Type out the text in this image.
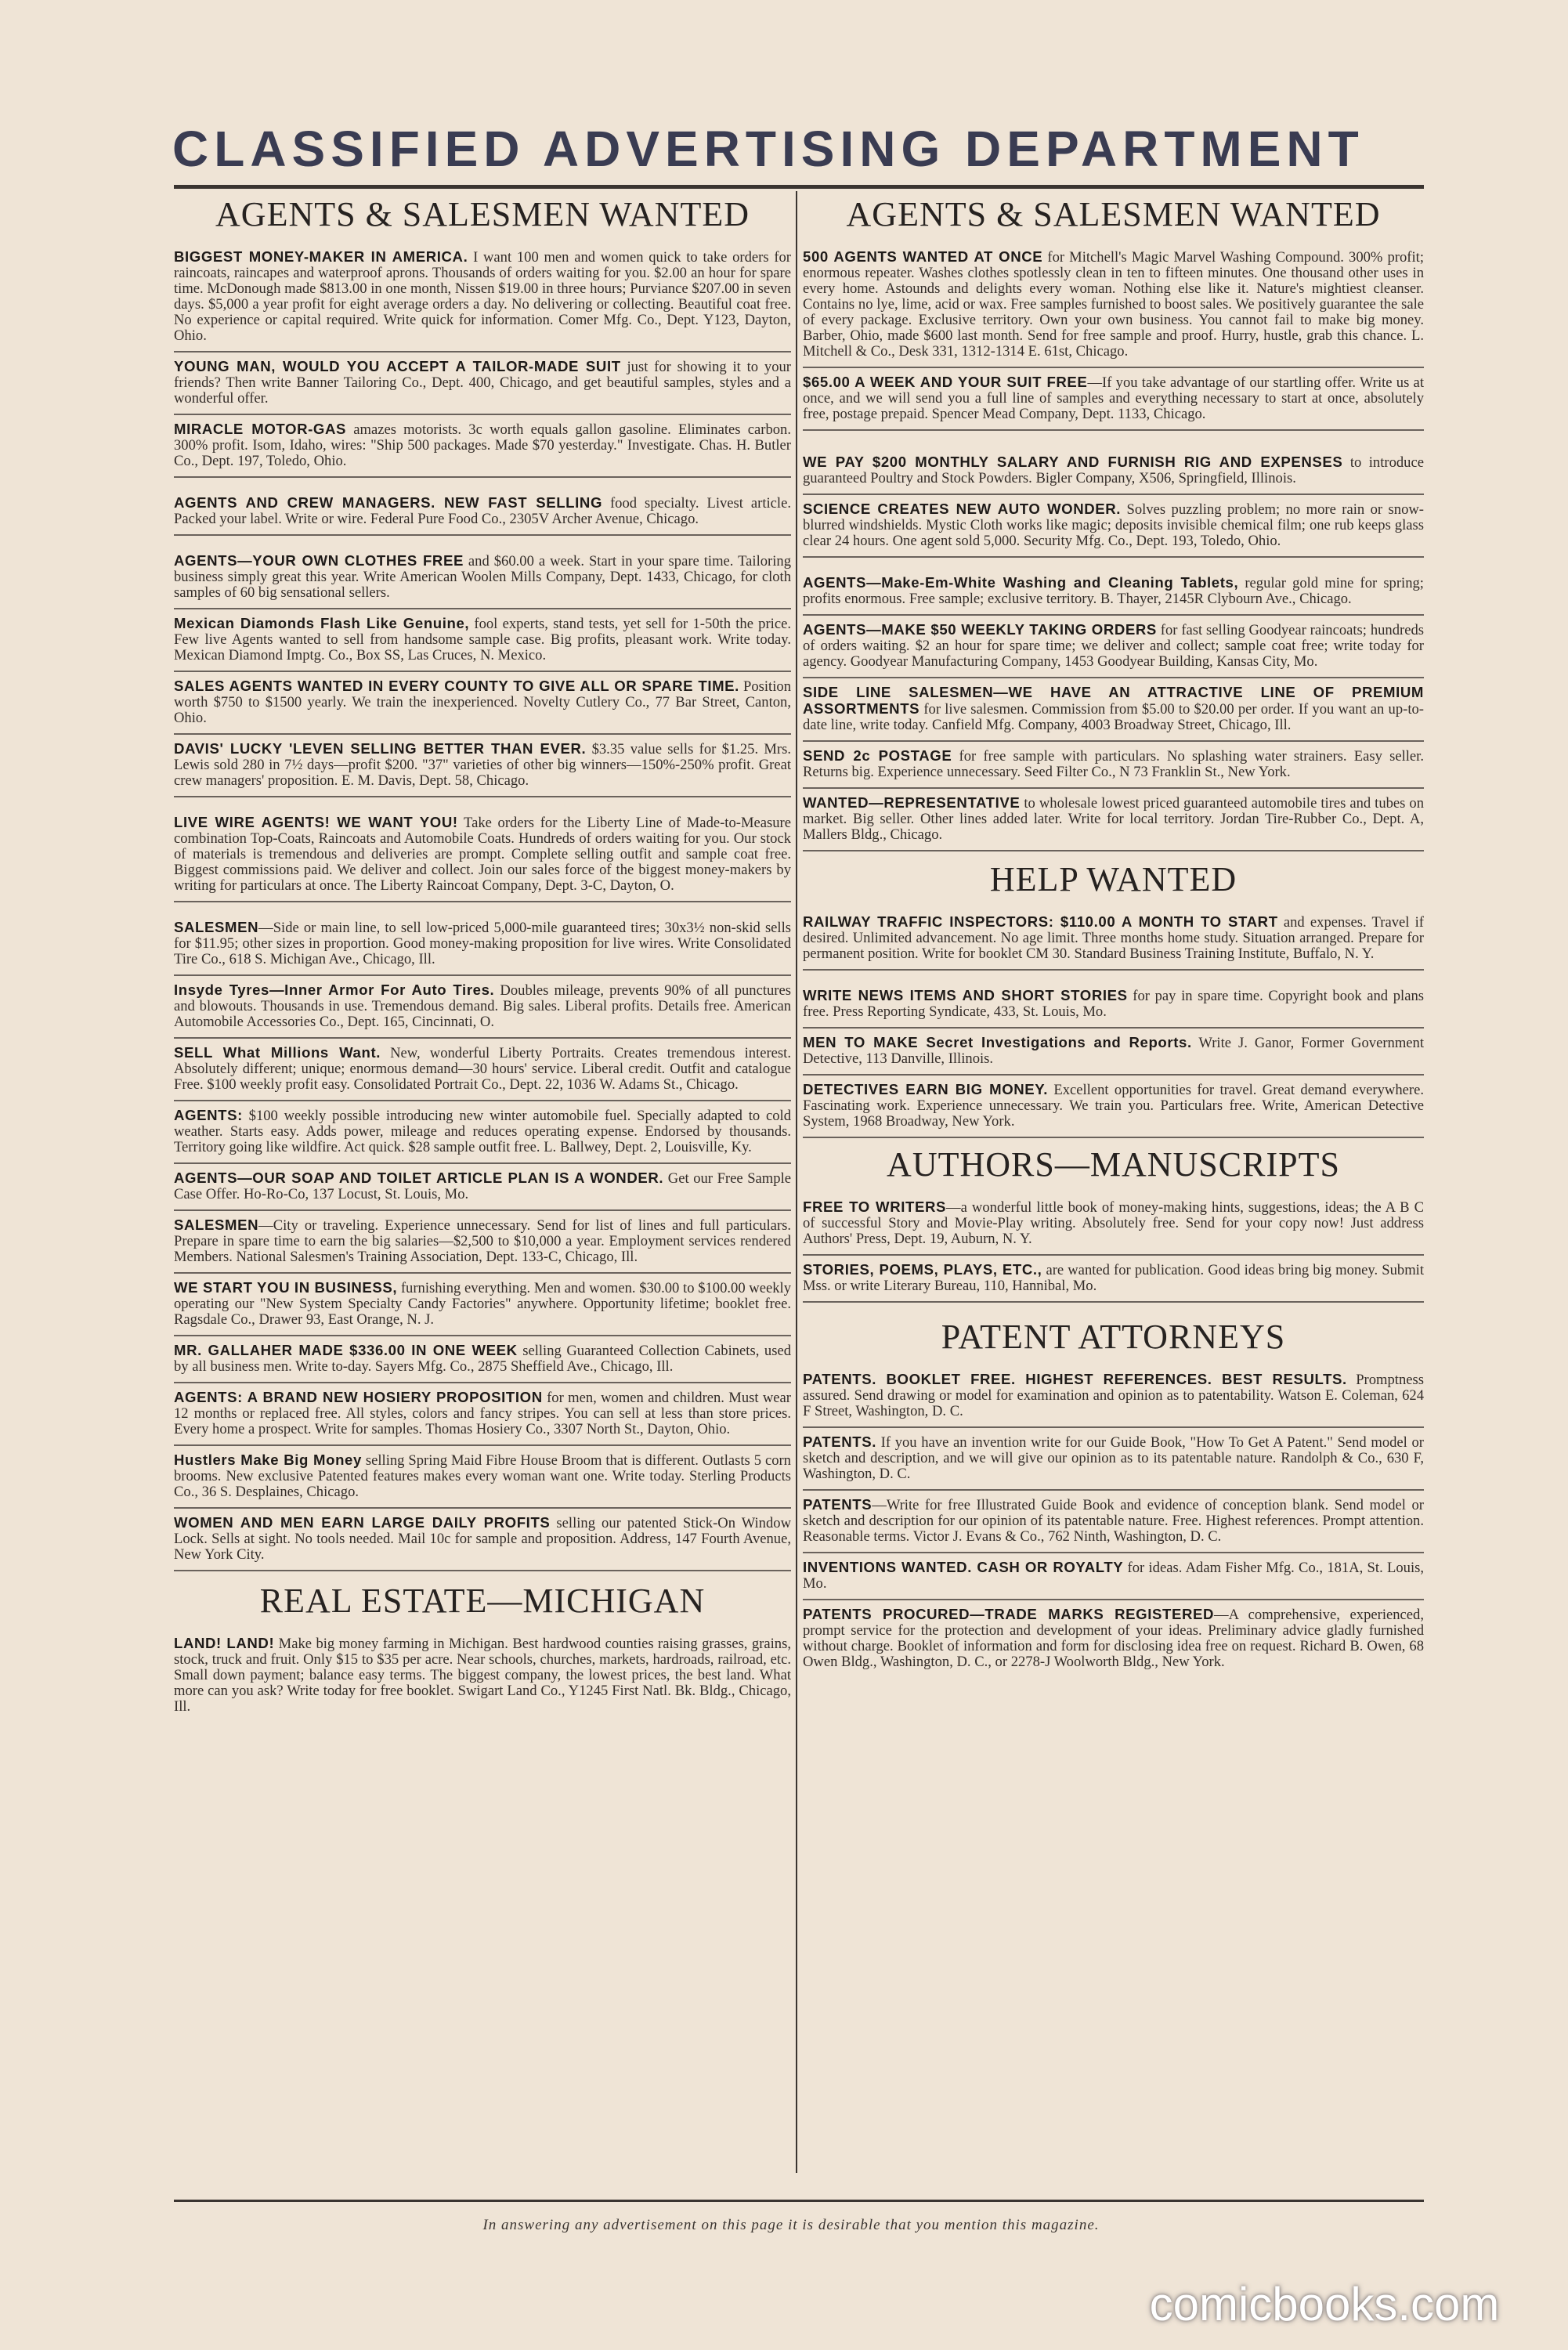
CLASSIFIED ADVERTISING DEPARTMENT
AGENTS & SALESMEN WANTED
BIGGEST MONEY-MAKER IN AMERICA. I want 100 men and women quick to take orders for raincoats, raincapes and waterproof aprons. Thousands of orders waiting for you. $2.00 an hour for spare time. McDonough made $813.00 in one month, Nissen $19.00 in three hours; Purviance $207.00 in seven days. $5,000 a year profit for eight average orders a day. No delivering or collecting. Beautiful coat free. No experience or capital required. Write quick for information. Comer Mfg. Co., Dept. Y123, Dayton, Ohio.
YOUNG MAN, WOULD YOU ACCEPT A TAILOR-MADE SUIT just for showing it to your friends? Then write Banner Tailoring Co., Dept. 400, Chicago, and get beautiful samples, styles and a wonderful offer.
MIRACLE MOTOR-GAS amazes motorists. 3c worth equals gallon gasoline. Eliminates carbon. 300% profit. Isom, Idaho, wires: "Ship 500 packages. Made $70 yesterday." Investigate. Chas. H. Butler Co., Dept. 197, Toledo, Ohio.
AGENTS AND CREW MANAGERS. NEW FAST SELLING food specialty. Livest article. Packed your label. Write or wire. Federal Pure Food Co., 2305V Archer Avenue, Chicago.
AGENTS—YOUR OWN CLOTHES FREE and $60.00 a week. Start in your spare time. Tailoring business simply great this year. Write American Woolen Mills Company, Dept. 1433, Chicago, for cloth samples of 60 big sensational sellers.
Mexican Diamonds Flash Like Genuine, fool experts, stand tests, yet sell for 1-50th the price. Few live Agents wanted to sell from handsome sample case. Big profits, pleasant work. Write today. Mexican Diamond Imptg. Co., Box SS, Las Cruces, N. Mexico.
SALES AGENTS WANTED IN EVERY COUNTY TO GIVE ALL OR SPARE TIME. Position worth $750 to $1500 yearly. We train the inexperienced. Novelty Cutlery Co., 77 Bar Street, Canton, Ohio.
DAVIS' LUCKY 'LEVEN SELLING BETTER THAN EVER. $3.35 value sells for $1.25. Mrs. Lewis sold 280 in 7½ days—profit $200. "37" varieties of other big winners—150%-250% profit. Great crew managers' proposition. E. M. Davis, Dept. 58, Chicago.
LIVE WIRE AGENTS! WE WANT YOU! Take orders for the Liberty Line of Made-to-Measure combination Top-Coats, Raincoats and Automobile Coats. Hundreds of orders waiting for you. Our stock of materials is tremendous and deliveries are prompt. Complete selling outfit and sample coat free. Biggest commissions paid. We deliver and collect. Join our sales force of the biggest money-makers by writing for particulars at once. The Liberty Raincoat Company, Dept. 3-C, Dayton, O.
SALESMEN—Side or main line, to sell low-priced 5,000-mile guaranteed tires; 30x3½ non-skid sells for $11.95; other sizes in proportion. Good money-making proposition for live wires. Write Consolidated Tire Co., 618 S. Michigan Ave., Chicago, Ill.
Insyde Tyres—Inner Armor For Auto Tires. Doubles mileage, prevents 90% of all punctures and blowouts. Thousands in use. Tremendous demand. Big sales. Liberal profits. Details free. American Automobile Accessories Co., Dept. 165, Cincinnati, O.
SELL What Millions Want. New, wonderful Liberty Portraits. Creates tremendous interest. Absolutely different; unique; enormous demand—30 hours' service. Liberal credit. Outfit and catalogue Free. $100 weekly profit easy. Consolidated Portrait Co., Dept. 22, 1036 W. Adams St., Chicago.
AGENTS: $100 weekly possible introducing new winter automobile fuel. Specially adapted to cold weather. Starts easy. Adds power, mileage and reduces operating expense. Endorsed by thousands. Territory going like wildfire. Act quick. $28 sample outfit free. L. Ballwey, Dept. 2, Louisville, Ky.
AGENTS—OUR SOAP AND TOILET ARTICLE PLAN IS A WONDER. Get our Free Sample Case Offer. Ho-Ro-Co, 137 Locust, St. Louis, Mo.
SALESMEN—City or traveling. Experience unnecessary. Send for list of lines and full particulars. Prepare in spare time to earn the big salaries—$2,500 to $10,000 a year. Employment services rendered Members. National Salesmen's Training Association, Dept. 133-C, Chicago, Ill.
WE START YOU IN BUSINESS, furnishing everything. Men and women. $30.00 to $100.00 weekly operating our "New System Specialty Candy Factories" anywhere. Opportunity lifetime; booklet free. Ragsdale Co., Drawer 93, East Orange, N. J.
MR. GALLAHER MADE $336.00 IN ONE WEEK selling Guaranteed Collection Cabinets, used by all business men. Write to-day. Sayers Mfg. Co., 2875 Sheffield Ave., Chicago, Ill.
AGENTS: A BRAND NEW HOSIERY PROPOSITION for men, women and children. Must wear 12 months or replaced free. All styles, colors and fancy stripes. You can sell at less than store prices. Every home a prospect. Write for samples. Thomas Hosiery Co., 3307 North St., Dayton, Ohio.
Hustlers Make Big Money selling Spring Maid Fibre House Broom that is different. Outlasts 5 corn brooms. New exclusive Patented features makes every woman want one. Write today. Sterling Products Co., 36 S. Desplaines, Chicago.
WOMEN AND MEN EARN LARGE DAILY PROFITS selling our patented Stick-On Window Lock. Sells at sight. No tools needed. Mail 10c for sample and proposition. Address, 147 Fourth Avenue, New York City.
REAL ESTATE—MICHIGAN
LAND! LAND! Make big money farming in Michigan. Best hardwood counties raising grasses, grains, stock, truck and fruit. Only $15 to $35 per acre. Near schools, churches, markets, hardroads, railroad, etc. Small down payment; balance easy terms. The biggest company, the lowest prices, the best land. What more can you ask? Write today for free booklet. Swigart Land Co., Y1245 First Natl. Bk. Bldg., Chicago, Ill.
AGENTS & SALESMEN WANTED
500 AGENTS WANTED AT ONCE for Mitchell's Magic Marvel Washing Compound. 300% profit; enormous repeater. Washes clothes spotlessly clean in ten to fifteen minutes. One thousand other uses in every home. Astounds and delights every woman. Nothing else like it. Nature's mightiest cleanser. Contains no lye, lime, acid or wax. Free samples furnished to boost sales. We positively guarantee the sale of every package. Exclusive territory. Own your own business. You cannot fail to make big money. Barber, Ohio, made $600 last month. Send for free sample and proof. Hurry, hustle, grab this chance. L. Mitchell & Co., Desk 331, 1312-1314 E. 61st, Chicago.
$65.00 A WEEK AND YOUR SUIT FREE—If you take advantage of our startling offer. Write us at once, and we will send you a full line of samples and everything necessary to start at once, absolutely free, postage prepaid. Spencer Mead Company, Dept. 1133, Chicago.
WE PAY $200 MONTHLY SALARY AND FURNISH RIG AND EXPENSES to introduce guaranteed Poultry and Stock Powders. Bigler Company, X506, Springfield, Illinois.
SCIENCE CREATES NEW AUTO WONDER. Solves puzzling problem; no more rain or snow-blurred windshields. Mystic Cloth works like magic; deposits invisible chemical film; one rub keeps glass clear 24 hours. One agent sold 5,000. Security Mfg. Co., Dept. 193, Toledo, Ohio.
AGENTS—Make-Em-White Washing and Cleaning Tablets, regular gold mine for spring; profits enormous. Free sample; exclusive territory. B. Thayer, 2145R Clybourn Ave., Chicago.
AGENTS—MAKE $50 WEEKLY TAKING ORDERS for fast selling Goodyear raincoats; hundreds of orders waiting. $2 an hour for spare time; we deliver and collect; sample coat free; write today for agency. Goodyear Manufacturing Company, 1453 Goodyear Building, Kansas City, Mo.
SIDE LINE SALESMEN—WE HAVE AN ATTRACTIVE LINE OF PREMIUM ASSORTMENTS for live salesmen. Commission from $5.00 to $20.00 per order. If you want an up-to-date line, write today. Canfield Mfg. Company, 4003 Broadway Street, Chicago, Ill.
SEND 2c POSTAGE for free sample with particulars. No splashing water strainers. Easy seller. Returns big. Experience unnecessary. Seed Filter Co., N 73 Franklin St., New York.
WANTED—REPRESENTATIVE to wholesale lowest priced guaranteed automobile tires and tubes on market. Big seller. Other lines added later. Write for local territory. Jordan Tire-Rubber Co., Dept. A, Mallers Bldg., Chicago.
HELP WANTED
RAILWAY TRAFFIC INSPECTORS: $110.00 A MONTH TO START and expenses. Travel if desired. Unlimited advancement. No age limit. Three months home study. Situation arranged. Prepare for permanent position. Write for booklet CM 30. Standard Business Training Institute, Buffalo, N. Y.
WRITE NEWS ITEMS AND SHORT STORIES for pay in spare time. Copyright book and plans free. Press Reporting Syndicate, 433, St. Louis, Mo.
MEN TO MAKE Secret Investigations and Reports. Write J. Ganor, Former Government Detective, 113 Danville, Illinois.
DETECTIVES EARN BIG MONEY. Excellent opportunities for travel. Great demand everywhere. Fascinating work. Experience unnecessary. We train you. Particulars free. Write, American Detective System, 1968 Broadway, New York.
AUTHORS—MANUSCRIPTS
FREE TO WRITERS—a wonderful little book of money-making hints, suggestions, ideas; the A B C of successful Story and Movie-Play writing. Absolutely free. Send for your copy now! Just address Authors' Press, Dept. 19, Auburn, N. Y.
STORIES, POEMS, PLAYS, ETC., are wanted for publication. Good ideas bring big money. Submit Mss. or write Literary Bureau, 110, Hannibal, Mo.
PATENT ATTORNEYS
PATENTS. BOOKLET FREE. HIGHEST REFERENCES. BEST RESULTS. Promptness assured. Send drawing or model for examination and opinion as to patentability. Watson E. Coleman, 624 F Street, Washington, D. C.
PATENTS. If you have an invention write for our Guide Book, "How To Get A Patent." Send model or sketch and description, and we will give our opinion as to its patentable nature. Randolph & Co., 630 F, Washington, D. C.
PATENTS—Write for free Illustrated Guide Book and evidence of conception blank. Send model or sketch and description for our opinion of its patentable nature. Free. Highest references. Prompt attention. Reasonable terms. Victor J. Evans & Co., 762 Ninth, Washington, D. C.
INVENTIONS WANTED. CASH OR ROYALTY for ideas. Adam Fisher Mfg. Co., 181A, St. Louis, Mo.
PATENTS PROCURED—TRADE MARKS REGISTERED—A comprehensive, experienced, prompt service for the protection and development of your ideas. Preliminary advice gladly furnished without charge. Booklet of information and form for disclosing idea free on request. Richard B. Owen, 68 Owen Bldg., Washington, D. C., or 2278-J Woolworth Bldg., New York.
In answering any advertisement on this page it is desirable that you mention this magazine.
comicbooks.com
